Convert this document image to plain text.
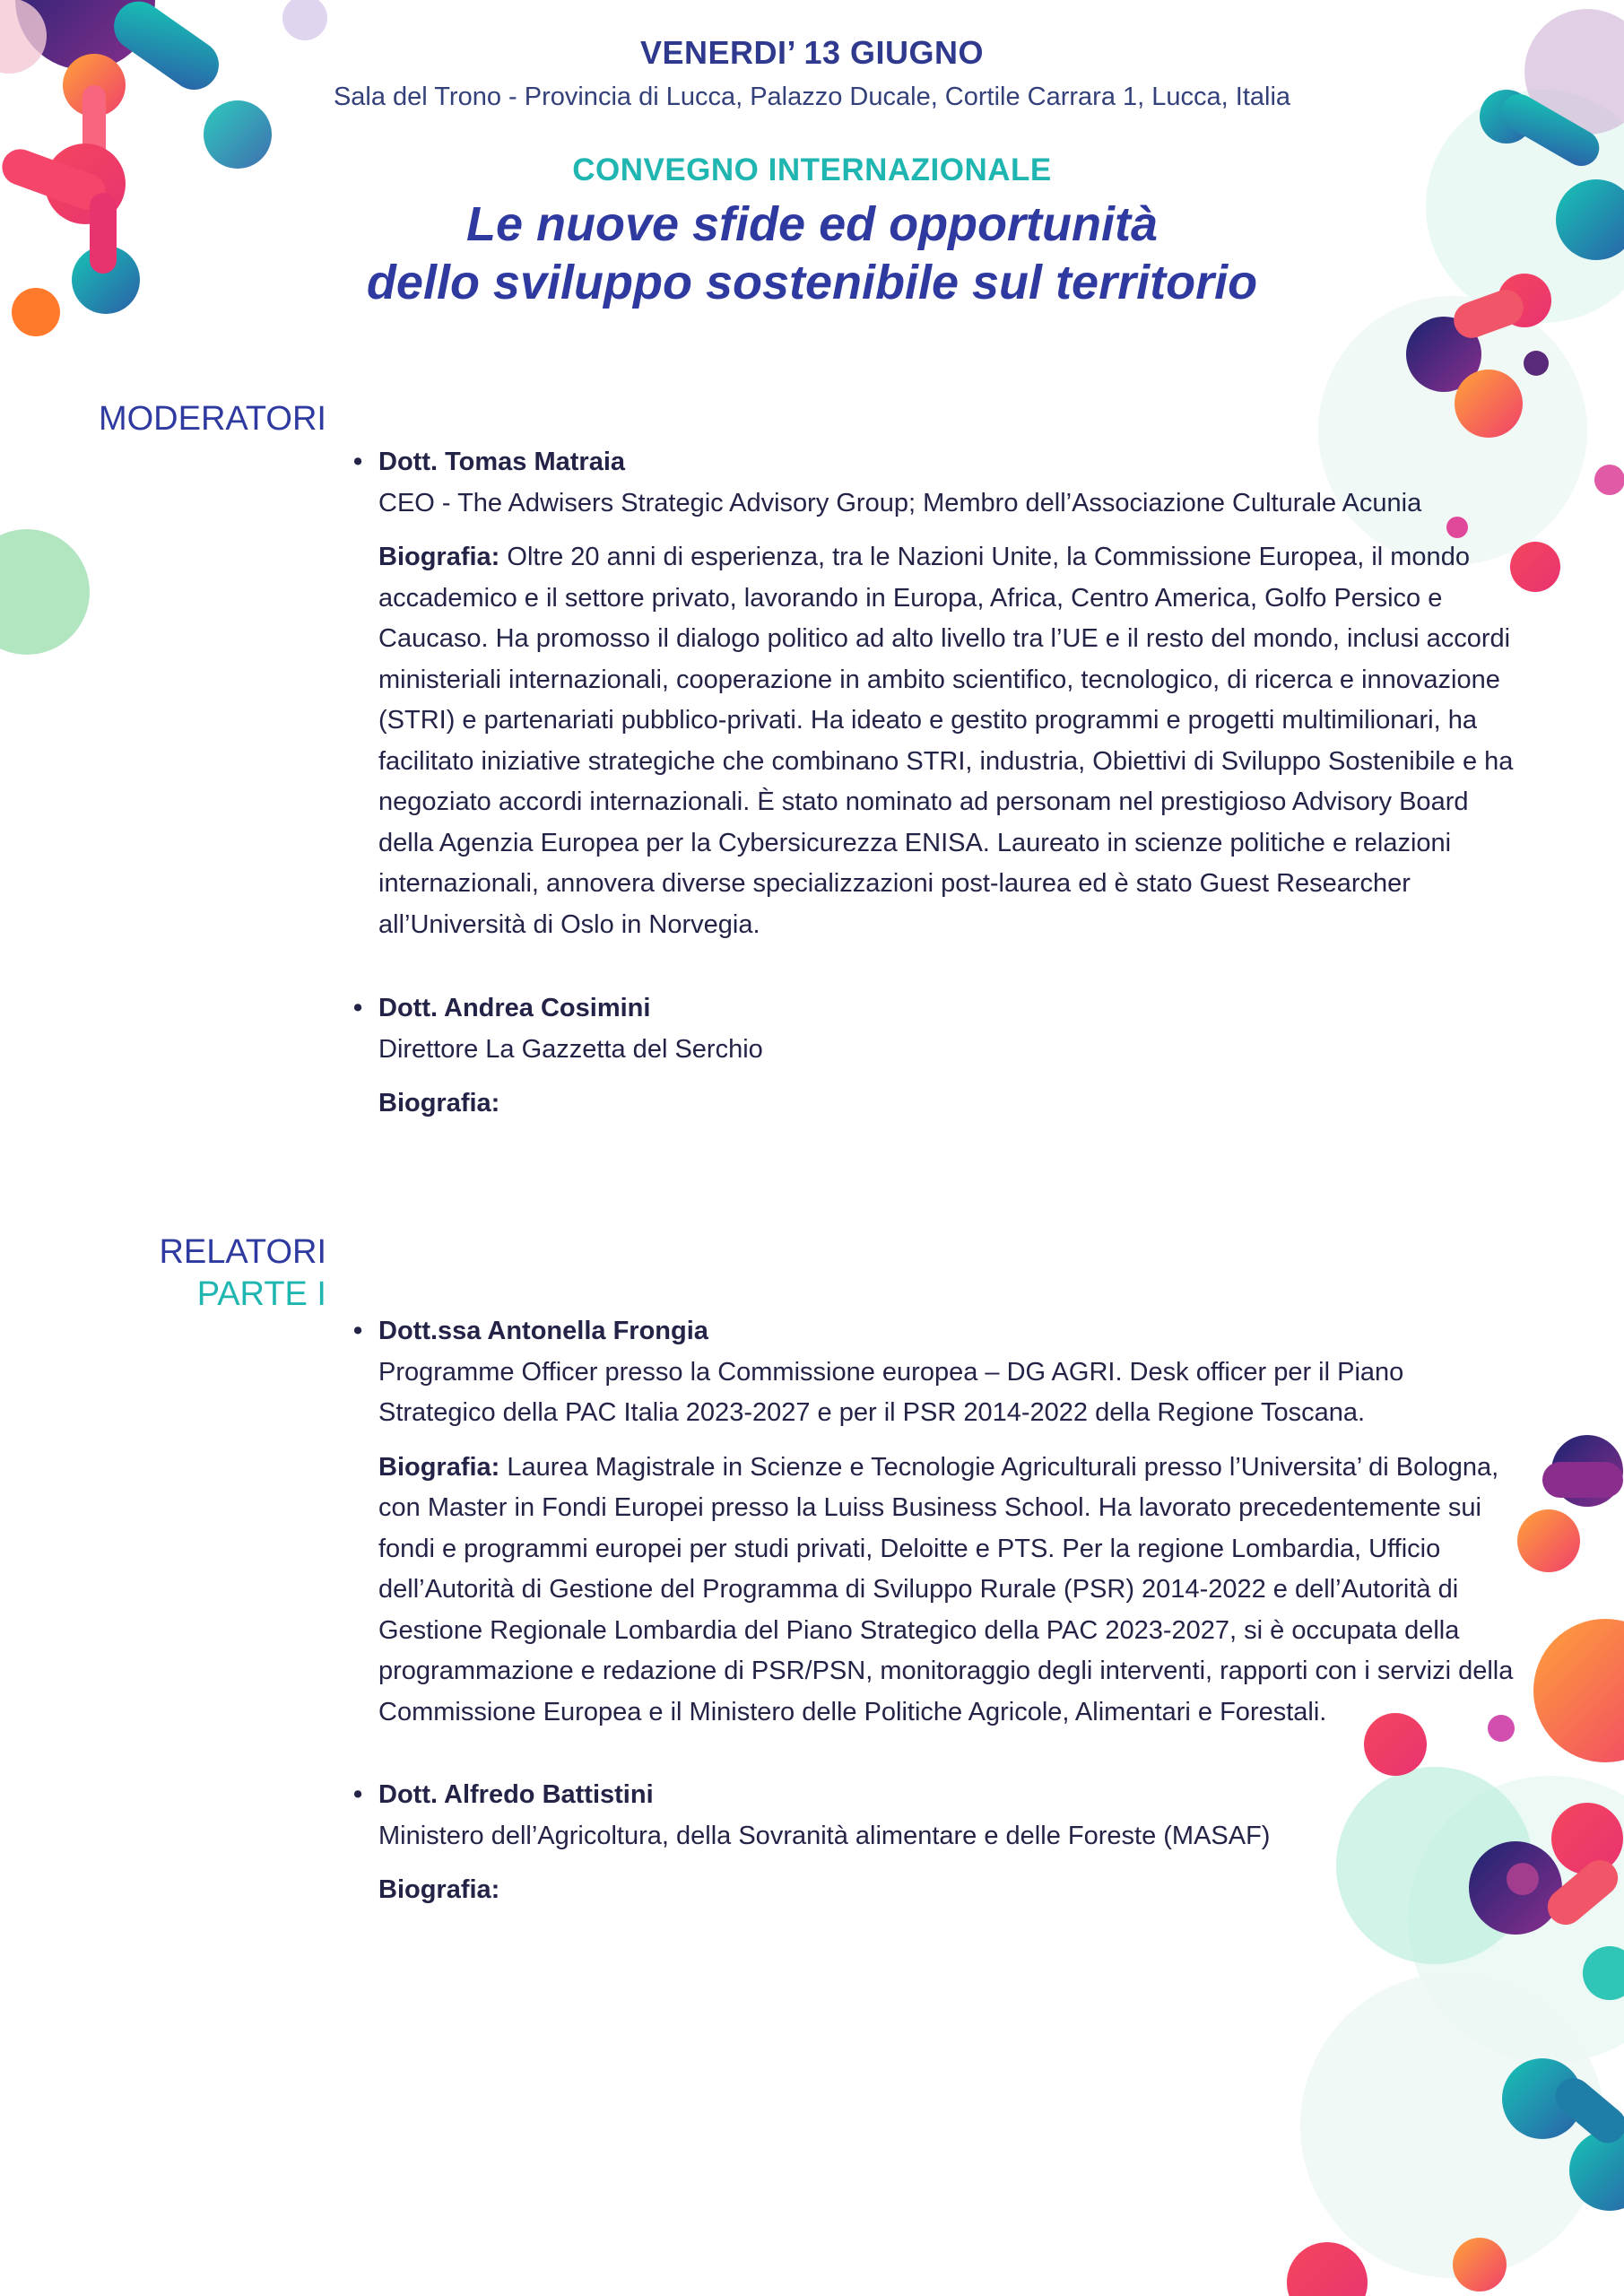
VENERDI’ 13 GIUGNO
Sala del Trono - Provincia di Lucca, Palazzo Ducale, Cortile Carrara 1, Lucca, Italia
CONVEGNO INTERNAZIONALE
Le nuove sfide ed opportunità
dello sviluppo sostenibile sul territorio
MODERATORI
• Dott. Tomas Matraia
CEO - The Adwisers Strategic Advisory Group; Membro dell’Associazione Culturale Acunia
Biografia: Oltre 20 anni di esperienza, tra le Nazioni Unite, la Commissione Europea, il mondo accademico e il settore privato, lavorando in Europa, Africa, Centro America, Golfo Persico e Caucaso. Ha promosso il dialogo politico ad alto livello tra l’UE e il resto del mondo, inclusi accordi ministeriali internazionali, cooperazione in ambito scientifico, tecnologico, di ricerca e innovazione (STRI) e partenariati pubblico-privati. Ha ideato e gestito programmi e progetti multimilionari, ha facilitato iniziative strategiche che combinano STRI, industria, Obiettivi di Sviluppo Sostenibile e ha negoziato accordi internazionali. È stato nominato ad personam nel prestigioso Advisory Board della Agenzia Europea per la Cybersicurezza ENISA. Laureato in scienze politiche e relazioni internazionali, annovera diverse specializzazioni post-laurea ed è stato Guest Researcher all’Università di Oslo in Norvegia.
• Dott. Andrea Cosimini
Direttore La Gazzetta del Serchio
Biografia:
RELATORI
PARTE I
• Dott.ssa Antonella Frongia
Programme Officer presso la Commissione europea – DG AGRI. Desk officer per il Piano Strategico della PAC Italia 2023-2027 e per il PSR 2014-2022 della Regione Toscana.
Biografia: Laurea Magistrale in Scienze e Tecnologie Agriculturali presso l’Universita’ di Bologna, con Master in Fondi Europei presso la Luiss Business School. Ha lavorato precedentemente sui fondi e programmi europei per studi privati, Deloitte e PTS. Per la regione Lombardia, Ufficio dell’Autorità di Gestione del Programma di Sviluppo Rurale (PSR) 2014-2022 e dell’Autorità di Gestione Regionale Lombardia del Piano Strategico della PAC 2023-2027, si è occupata della programmazione e redazione di PSR/PSN, monitoraggio degli interventi, rapporti con i servizi della Commissione Europea e il Ministero delle Politiche Agricole, Alimentari e Forestali.
• Dott. Alfredo Battistini
Ministero dell’Agricoltura, della Sovranità alimentare e delle Foreste (MASAF)
Biografia:
